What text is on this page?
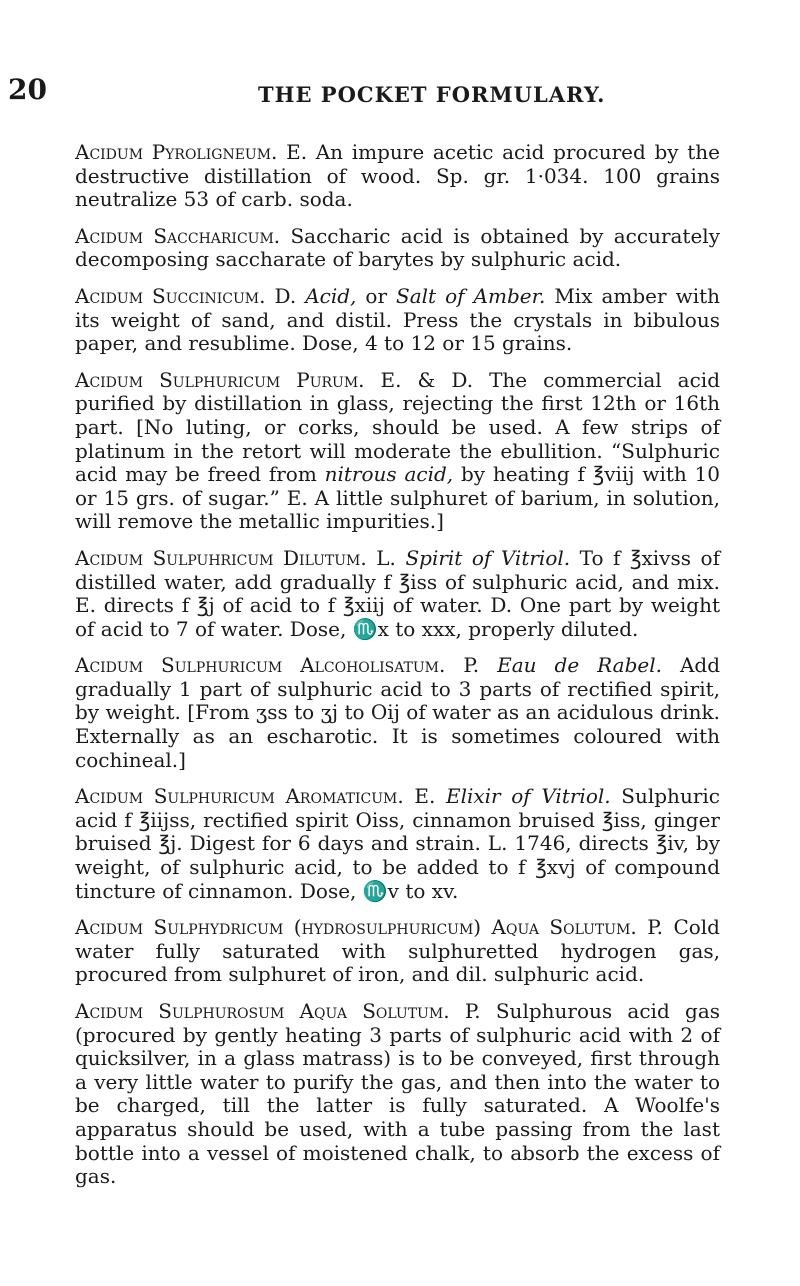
20	THE POCKET FORMULARY.

Acidum Pyroligneum. E. An impure acetic acid procured by the destructive distillation of wood. Sp. gr. 1·034. 100 grains neutralize 53 of carb. soda.

Acidum Saccharicum. Saccharic acid is obtained by accurately decomposing saccharate of barytes by sulphuric acid.

Acidum Succinicum. D. Acid, or Salt of Amber. Mix amber with its weight of sand, and distil. Press the crystals in bibulous paper, and resublime. Dose, 4 to 12 or 15 grains.

Acidum Sulphuricum Purum. E. & D. The commercial acid purified by distillation in glass, rejecting the first 12th or 16th part. [No luting, or corks, should be used. A few strips of platinum in the retort will moderate the ebullition. “Sulphuric acid may be freed from nitrous acid, by heating f ℥viij with 10 or 15 grs. of sugar.” E. A little sulphuret of barium, in solution, will remove the metallic impurities.]

Acidum Sulpuhricum Dilutum. L. Spirit of Vitriol. To f ℥xivss of distilled water, add gradually f ℥iss of sulphuric acid, and mix. E. directs f ℥j of acid to f ℥xiij of water. D. One part by weight of acid to 7 of water. Dose, ♏x to xxx, properly diluted.

Acidum Sulphuricum Alcoholisatum. P. Eau de Rabel. Add gradually 1 part of sulphuric acid to 3 parts of rectified spirit, by weight. [From ʒss to ʒj to Oij of water as an acidulous drink. Externally as an escharotic. It is sometimes coloured with cochineal.]

Acidum Sulphuricum Aromaticum. E. Elixir of Vitriol. Sulphuric acid f ℥iijss, rectified spirit Oiss, cinnamon bruised ℥iss, ginger bruised ℥j. Digest for 6 days and strain. L. 1746, directs ℥iv, by weight, of sulphuric acid, to be added to f ℥xvj of compound tincture of cinnamon. Dose, ♏v to xv.

Acidum Sulphydricum (hydrosulphuricum) Aqua Solutum. P. Cold water fully saturated with sulphuretted hydrogen gas, procured from sulphuret of iron, and dil. sulphuric acid.

Acidum Sulphurosum Aqua Solutum. P. Sulphurous acid gas (procured by gently heating 3 parts of sulphuric acid with 2 of quicksilver, in a glass matrass) is to be conveyed, first through a very little water to purify the gas, and then into the water to be charged, till the latter is fully saturated. A Woolfe's apparatus should be used, with a tube passing from the last bottle into a vessel of moistened chalk, to absorb the excess of gas.
